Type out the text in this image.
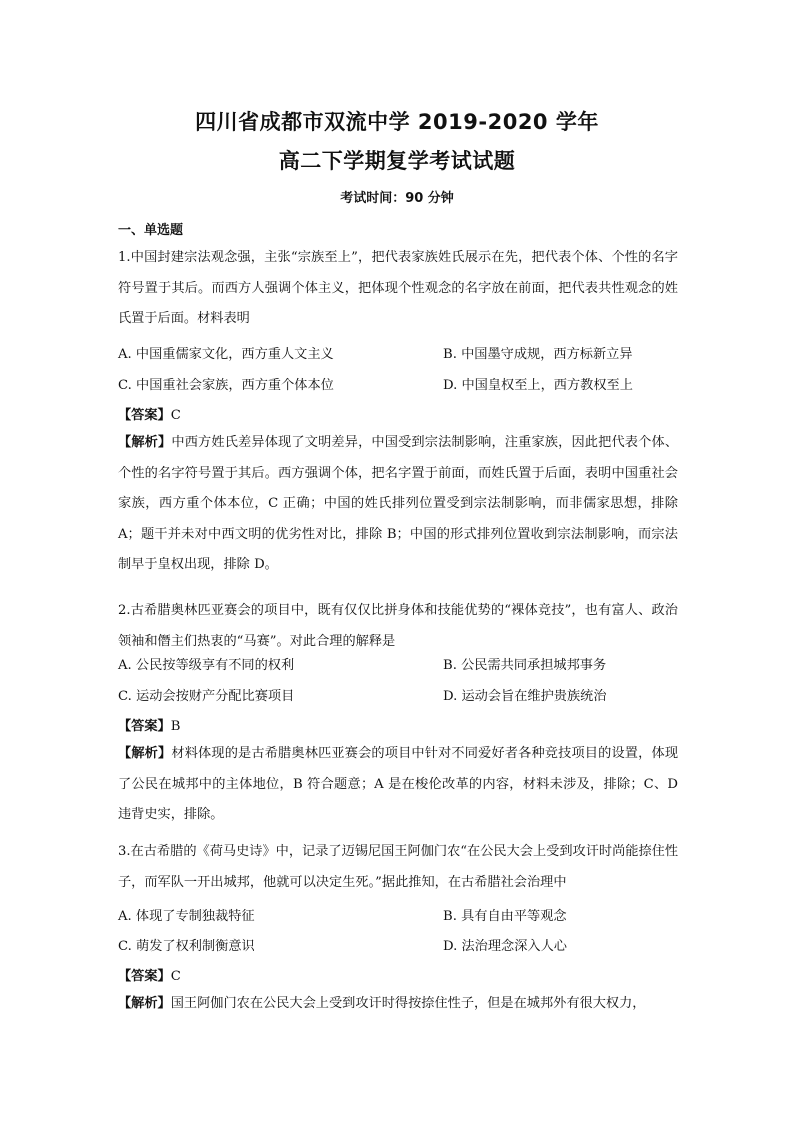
四川省成都市双流中学 2019-2020 学年
高二下学期复学考试试题
考试时间：90 分钟
一、单选题
1.中国封建宗法观念强，主张“宗族至上”，把代表家族姓氏展示在先，把代表个体、个性的名字符号置于其后。而西方人强调个体主义，把体现个性观念的名字放在前面，把代表共性观念的姓氏置于后面。材料表明
A. 中国重儒家文化，西方重人文主义	B. 中国墨守成规，西方标新立异
C. 中国重社会家族，西方重个体本位	D. 中国皇权至上，西方教权至上
【答案】C
【解析】中西方姓氏差异体现了文明差异，中国受到宗法制影响，注重家族，因此把代表个体、个性的名字符号置于其后。西方强调个体，把名字置于前面，而姓氏置于后面，表明中国重社会家族，西方重个体本位，C 正确；中国的姓氏排列位置受到宗法制影响，而非儒家思想，排除 A；题干并未对中西文明的优劣性对比，排除 B；中国的形式排列位置收到宗法制影响，而宗法制早于皇权出现，排除 D。
2.古希腊奥林匹亚赛会的项目中，既有仅仅比拼身体和技能优势的“裸体竞技”，也有富人、政治领袖和僭主们热衷的“马赛”。对此合理的解释是
A. 公民按等级享有不同的权利	B. 公民需共同承担城邦事务
C. 运动会按财产分配比赛项目	D. 运动会旨在维护贵族统治
【答案】B
【解析】材料体现的是古希腊奥林匹亚赛会的项目中针对不同爱好者各种竞技项目的设置，体现了公民在城邦中的主体地位，B 符合题意；A 是在梭伦改革的内容，材料未涉及，排除；C、D 违背史实，排除。
3.在古希腊的《荷马史诗》中，记录了迈锡尼国王阿伽门农“在公民大会上受到攻讦时尚能捺住性子，而军队一开出城邦，他就可以决定生死。”据此推知，在古希腊社会治理中
A. 体现了专制独裁特征	B. 具有自由平等观念
C. 萌发了权利制衡意识	D. 法治理念深入人心
【答案】C
【解析】国王阿伽门农在公民大会上受到攻讦时得按捺住性子，但是在城邦外有很大权力，
